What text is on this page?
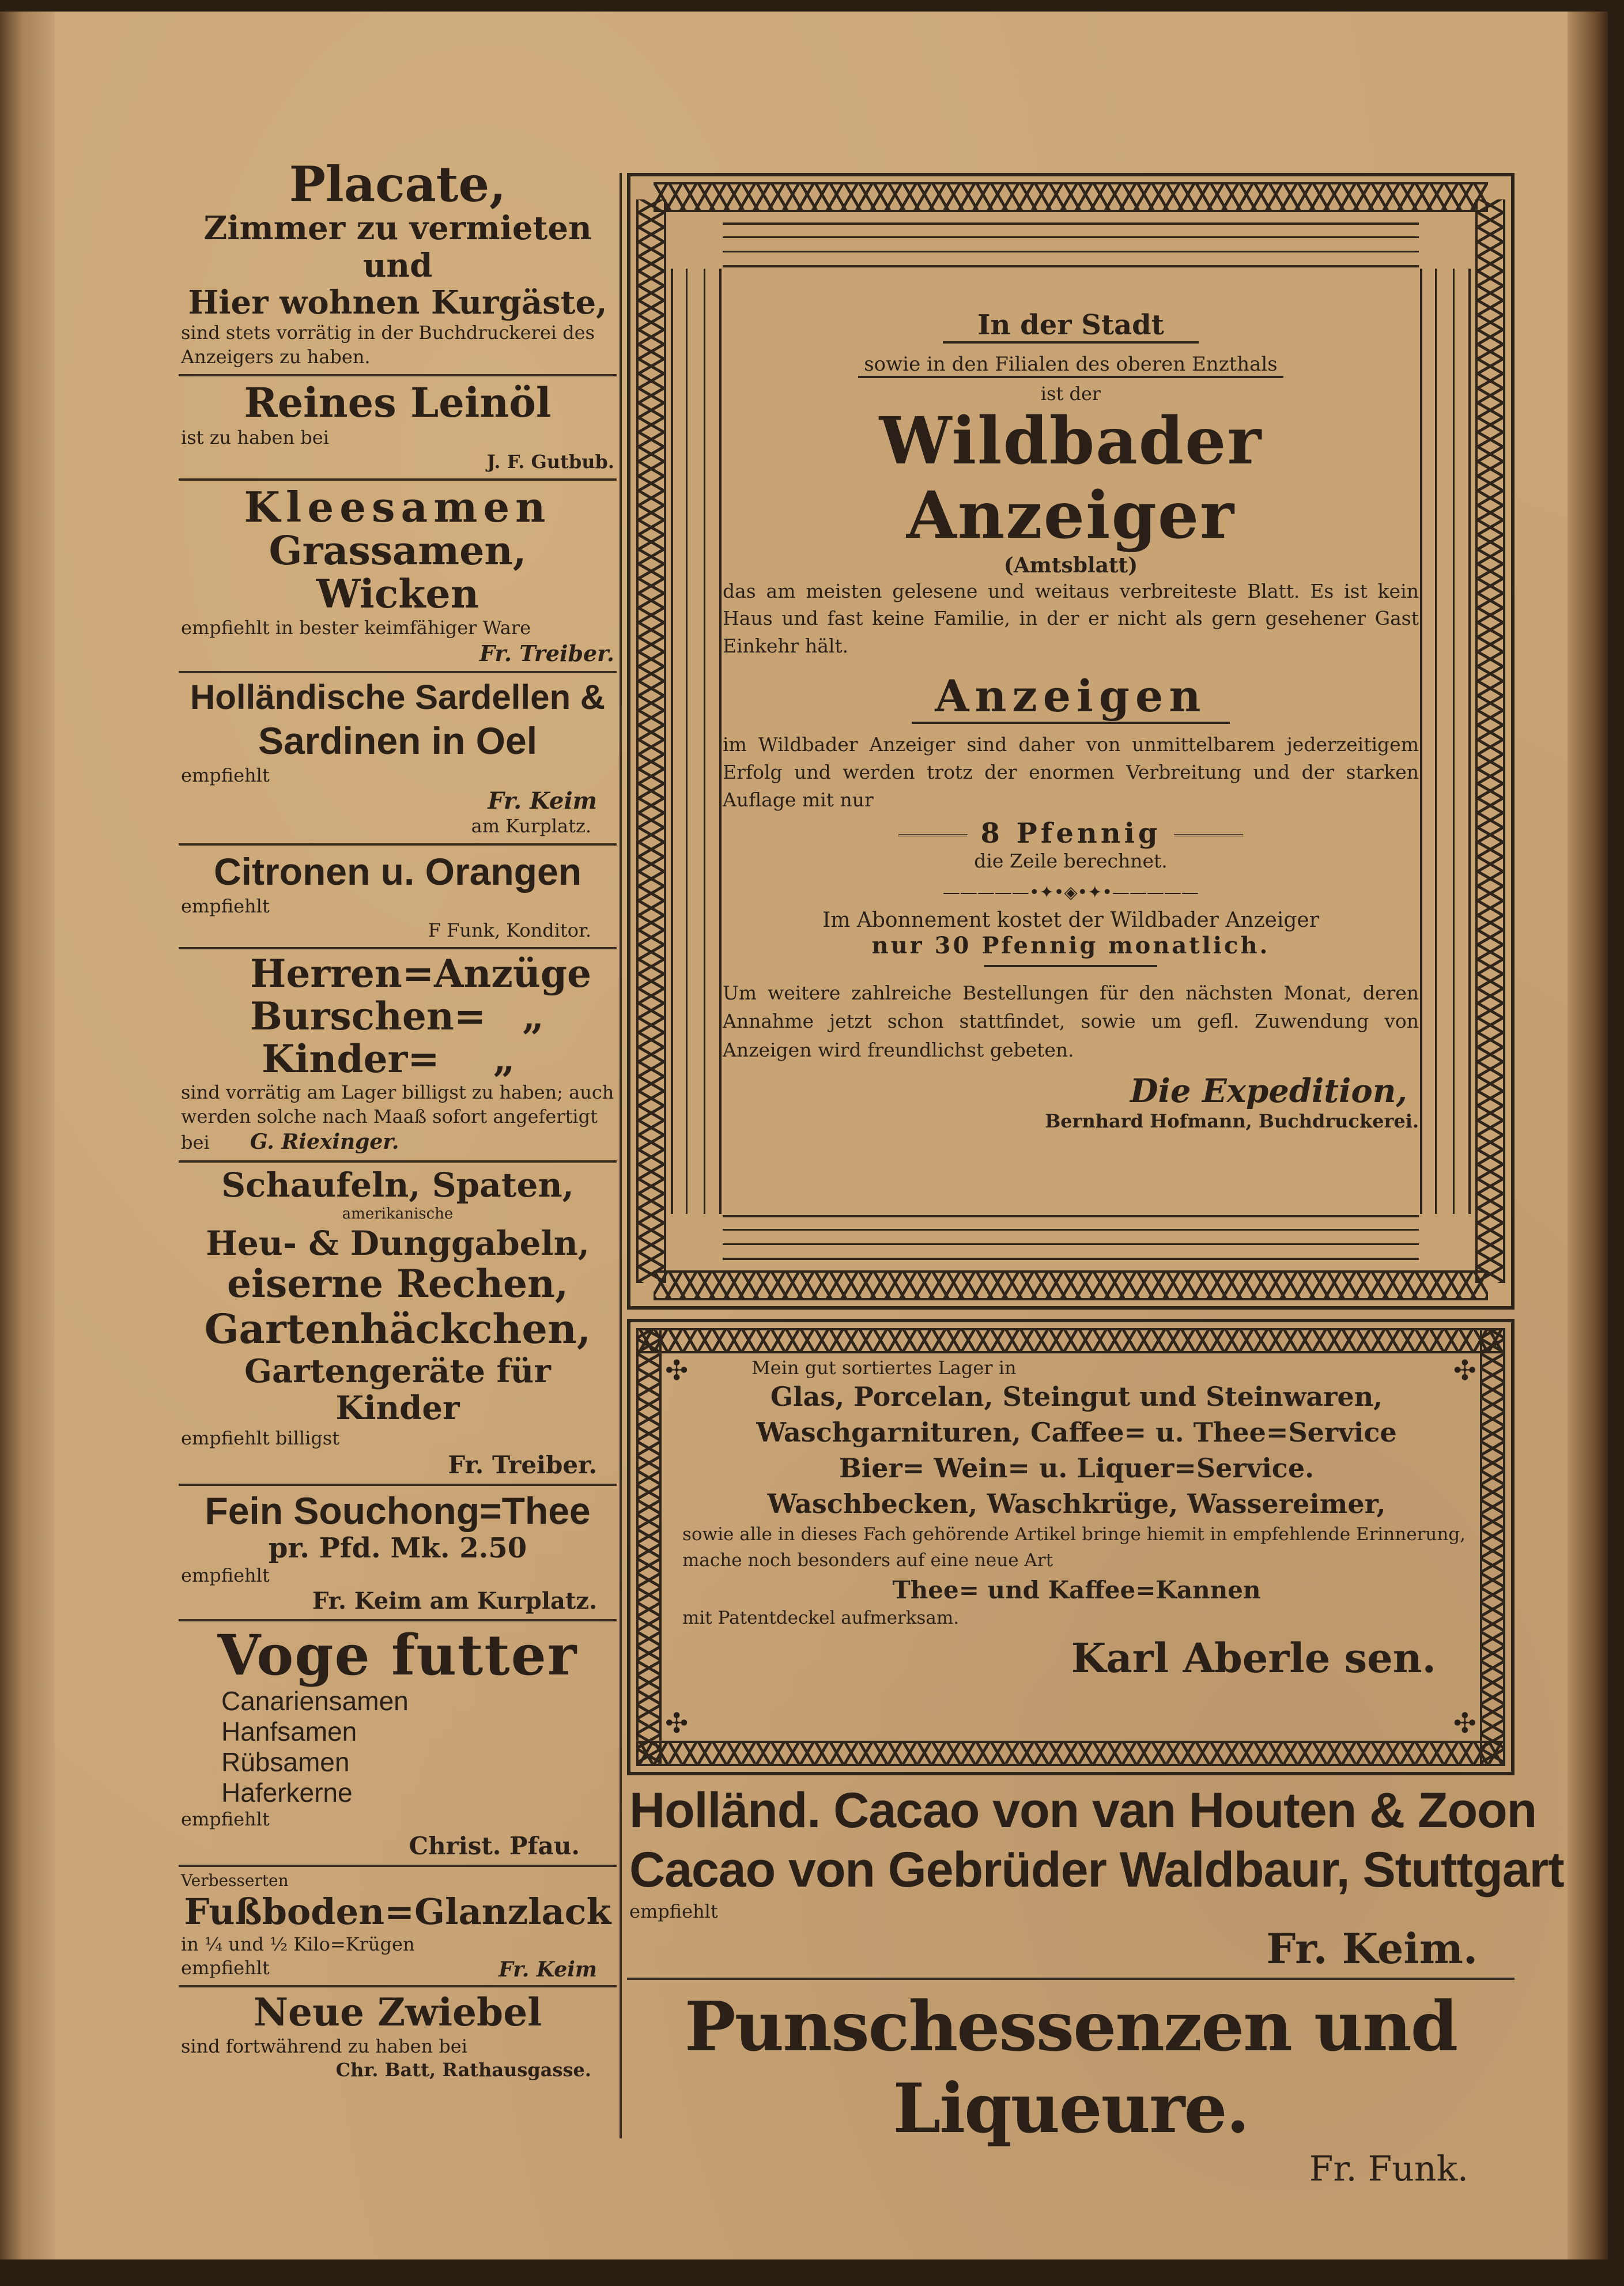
Placate,
Zimmer zu vermieten und
Hier wohnen Kurgäste,
sind stets vorrätig in der Buchdruckerei des Anzeigers zu haben.
Reines Leinöl
ist zu haben bei
J. F. Gutbub.
Kleesamen
Grassamen,
Wicken
empfiehlt in bester keimfähiger Ware
Fr. Treiber.
Holländische Sardellen &
Sardinen in Oel
empfiehlt
Fr. Keim
am Kurplatz.
Citronen u. Orangen
empfiehlt
F Funk, Konditor.
Herren=Anzüge
Burschen= „
Kinder= „
sind vorrätig am Lager billigst zu haben; auch werden solche nach Maaß sofort angefertigt bei G. Riexinger.
Schaufeln, Spaten,
amerikanische
Heu- & Dunggabeln,
eiserne Rechen,
Gartenhäckchen,
Gartengeräte für Kinder
empfiehlt billigst
Fr. Treiber.
Fein Souchong=Thee
pr. Pfd. Mk. 2.50
empfiehlt
Fr. Keim am Kurplatz.
Voge futter
Canariensamen
Hanfsamen
Rübsamen
Haferkerne
empfiehlt
Christ. Pfau.
Verbesserten
Fußboden=Glanzlack
in ¼ und ½ Kilo=Krügen
empfiehlt	Fr. Keim
Neue Zwiebel
sind fortwährend zu haben bei
Chr. Batt, Rathausgasse.
In der Stadt
sowie in den Filialen des oberen Enzthals
ist der
Wildbader Anzeiger
(Amtsblatt)
das am meisten gelesene und weitaus verbreiteste Blatt. Es ist kein Haus und fast keine Familie, in der er nicht als gern gesehener Gast Einkehr hält.
Anzeigen
im Wildbader Anzeiger sind daher von unmittelbarem jederzeitigem Erfolg und werden trotz der enormen Verbreitung und der starken Auflage mit nur
8 Pfennig
die Zeile berechnet.
—————•✦•◈•✦•—————
Im Abonnement kostet der Wildbader Anzeiger
nur 30 Pfennig monatlich.
Um weitere zahlreiche Bestellungen für den nächsten Monat, deren Annahme jetzt schon stattfindet, sowie um gefl. Zuwendung von Anzeigen wird freundlichst gebeten.
Die Expedition,
Bernhard Hofmann, Buchdruckerei.
✣	✣
✣	✣
Mein gut sortiertes Lager in
Glas, Porcelan, Steingut und Steinwaren,
Waschgarnituren, Caffee= u. Thee=Service
Bier= Wein= u. Liquer=Service.
Waschbecken, Waschkrüge, Wassereimer,
sowie alle in dieses Fach gehörende Artikel bringe hiemit in empfehlende Erinnerung, mache noch besonders auf eine neue Art
Thee= und Kaffee=Kannen
mit Patentdeckel aufmerksam.
Karl Aberle sen.
Holländ. Cacao von van Houten & Zoon
Cacao von Gebrüder Waldbaur, Stuttgart
empfiehlt
Fr. Keim.
Punschessenzen und Liqueure.
Fr. Funk.
